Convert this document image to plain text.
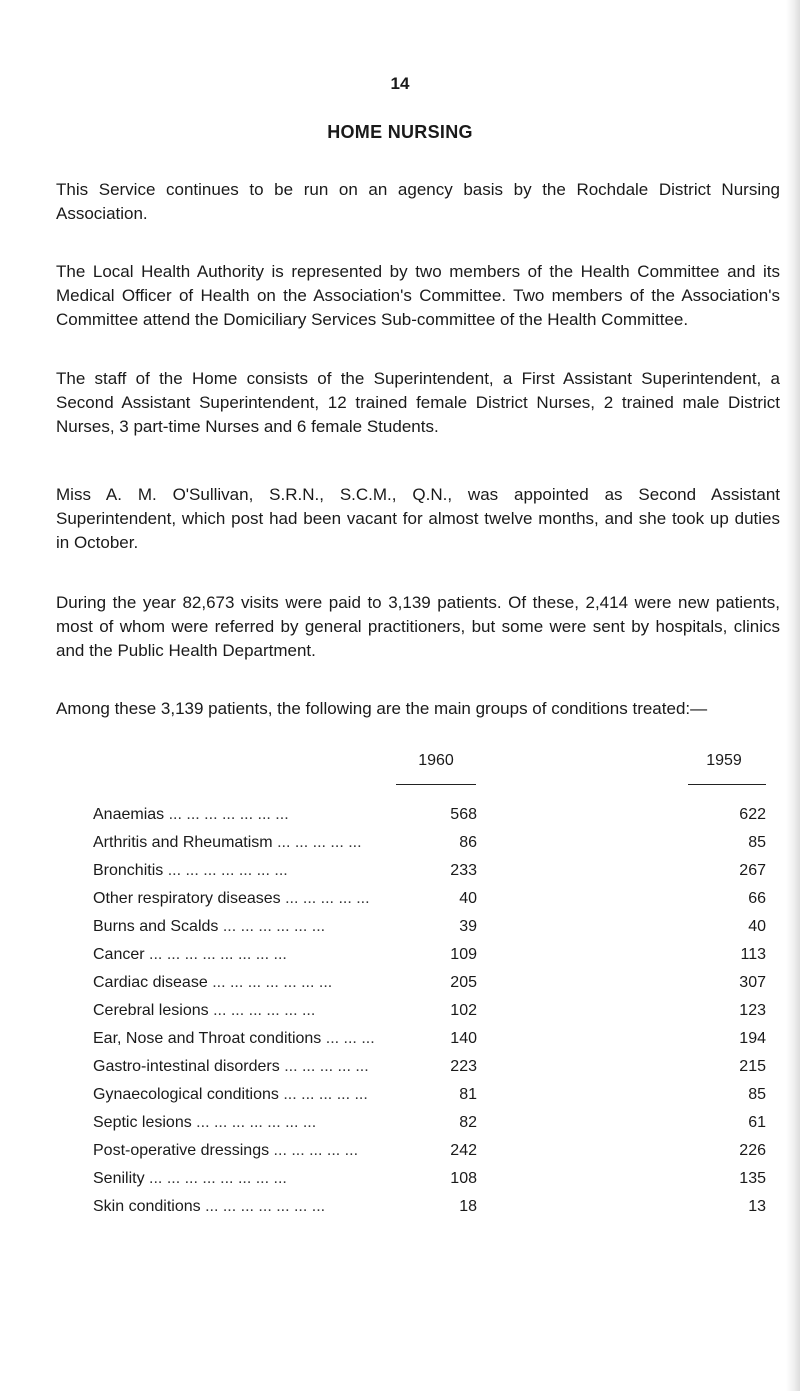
14
HOME NURSING

This Service continues to be run on an agency basis by the Rochdale District Nursing Association.

The Local Health Authority is represented by two members of the Health Committee and its Medical Officer of Health on the Association's Committee. Two members of the Association's Committee attend the Domiciliary Services Sub-committee of the Health Committee.

The staff of the Home consists of the Superintendent, a First Assistant Superintendent, a Second Assistant Superintendent, 12 trained female District Nurses, 2 trained male District Nurses, 3 part-time Nurses and 6 female Students.

Miss A. M. O'Sullivan, S.R.N., S.C.M., Q.N., was appointed as Second Assistant Superintendent, which post had been vacant for almost twelve months, and she took up duties in October.

During the year 82,673 visits were paid to 3,139 patients. Of these, 2,414 were new patients, most of whom were referred by general practitioners, but some were sent by hospitals, clinics and the Public Health Department.

Among these 3,139 patients, the following are the main groups of conditions treated:—

1960	1959
Anaemias ... ... ... ... ... ... ...	568	622
Arthritis and Rheumatism ... ... ... ... ...	86	85
Bronchitis ... ... ... ... ... ... ...	233	267
Other respiratory diseases ... ... ... ... ...	40	66
Burns and Scalds ... ... ... ... ... ...	39	40
Cancer ... ... ... ... ... ... ... ...	109	113
Cardiac disease ... ... ... ... ... ... ...	205	307
Cerebral lesions ... ... ... ... ... ...	102	123
Ear, Nose and Throat conditions ... ... ...	140	194
Gastro-intestinal disorders ... ... ... ... ...	223	215
Gynaecological conditions ... ... ... ... ...	81	85
Septic lesions ... ... ... ... ... ... ...	82	61
Post-operative dressings ... ... ... ... ...	242	226
Senility ... ... ... ... ... ... ... ...	108	135
Skin conditions ... ... ... ... ... ... ...	18	13
